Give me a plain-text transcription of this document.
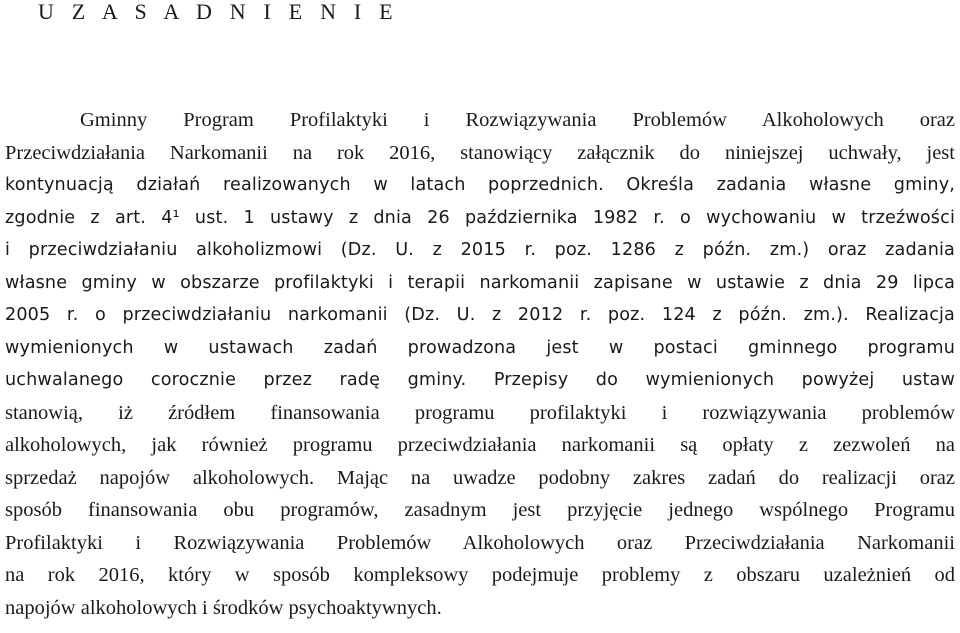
U Z A S A D N I E N I E
Gminny Program Profilaktyki i Rozwiązywania Problemów Alkoholowych oraz
Przeciwdziałania Narkomanii na rok 2016, stanowiący załącznik do niniejszej uchwały, jest
kontynuacją działań realizowanych w latach poprzednich. Określa zadania własne gminy,
zgodnie z art. 4¹ ust. 1 ustawy z dnia 26 października 1982 r. o wychowaniu w trzeźwości
i przeciwdziałaniu alkoholizmowi (Dz. U. z 2015 r. poz. 1286 z późn. zm.) oraz zadania
własne gminy w obszarze profilaktyki i terapii narkomanii zapisane w ustawie z dnia 29 lipca
2005 r. o przeciwdziałaniu narkomanii (Dz. U. z 2012 r. poz. 124 z późn. zm.). Realizacja
wymienionych w ustawach zadań prowadzona jest w postaci gminnego programu
uchwalanego corocznie przez radę gminy. Przepisy do wymienionych powyżej ustaw
stanowią, iż źródłem finansowania programu profilaktyki i rozwiązywania problemów
alkoholowych, jak również programu przeciwdziałania narkomanii są opłaty z zezwoleń na
sprzedaż napojów alkoholowych. Mając na uwadze podobny zakres zadań do realizacji oraz
sposób finansowania obu programów, zasadnym jest przyjęcie jednego wspólnego Programu
Profilaktyki i Rozwiązywania Problemów Alkoholowych oraz Przeciwdziałania Narkomanii
na rok 2016, który w sposób kompleksowy podejmuje problemy z obszaru uzależnień od
napojów alkoholowych i środków psychoaktywnych.
